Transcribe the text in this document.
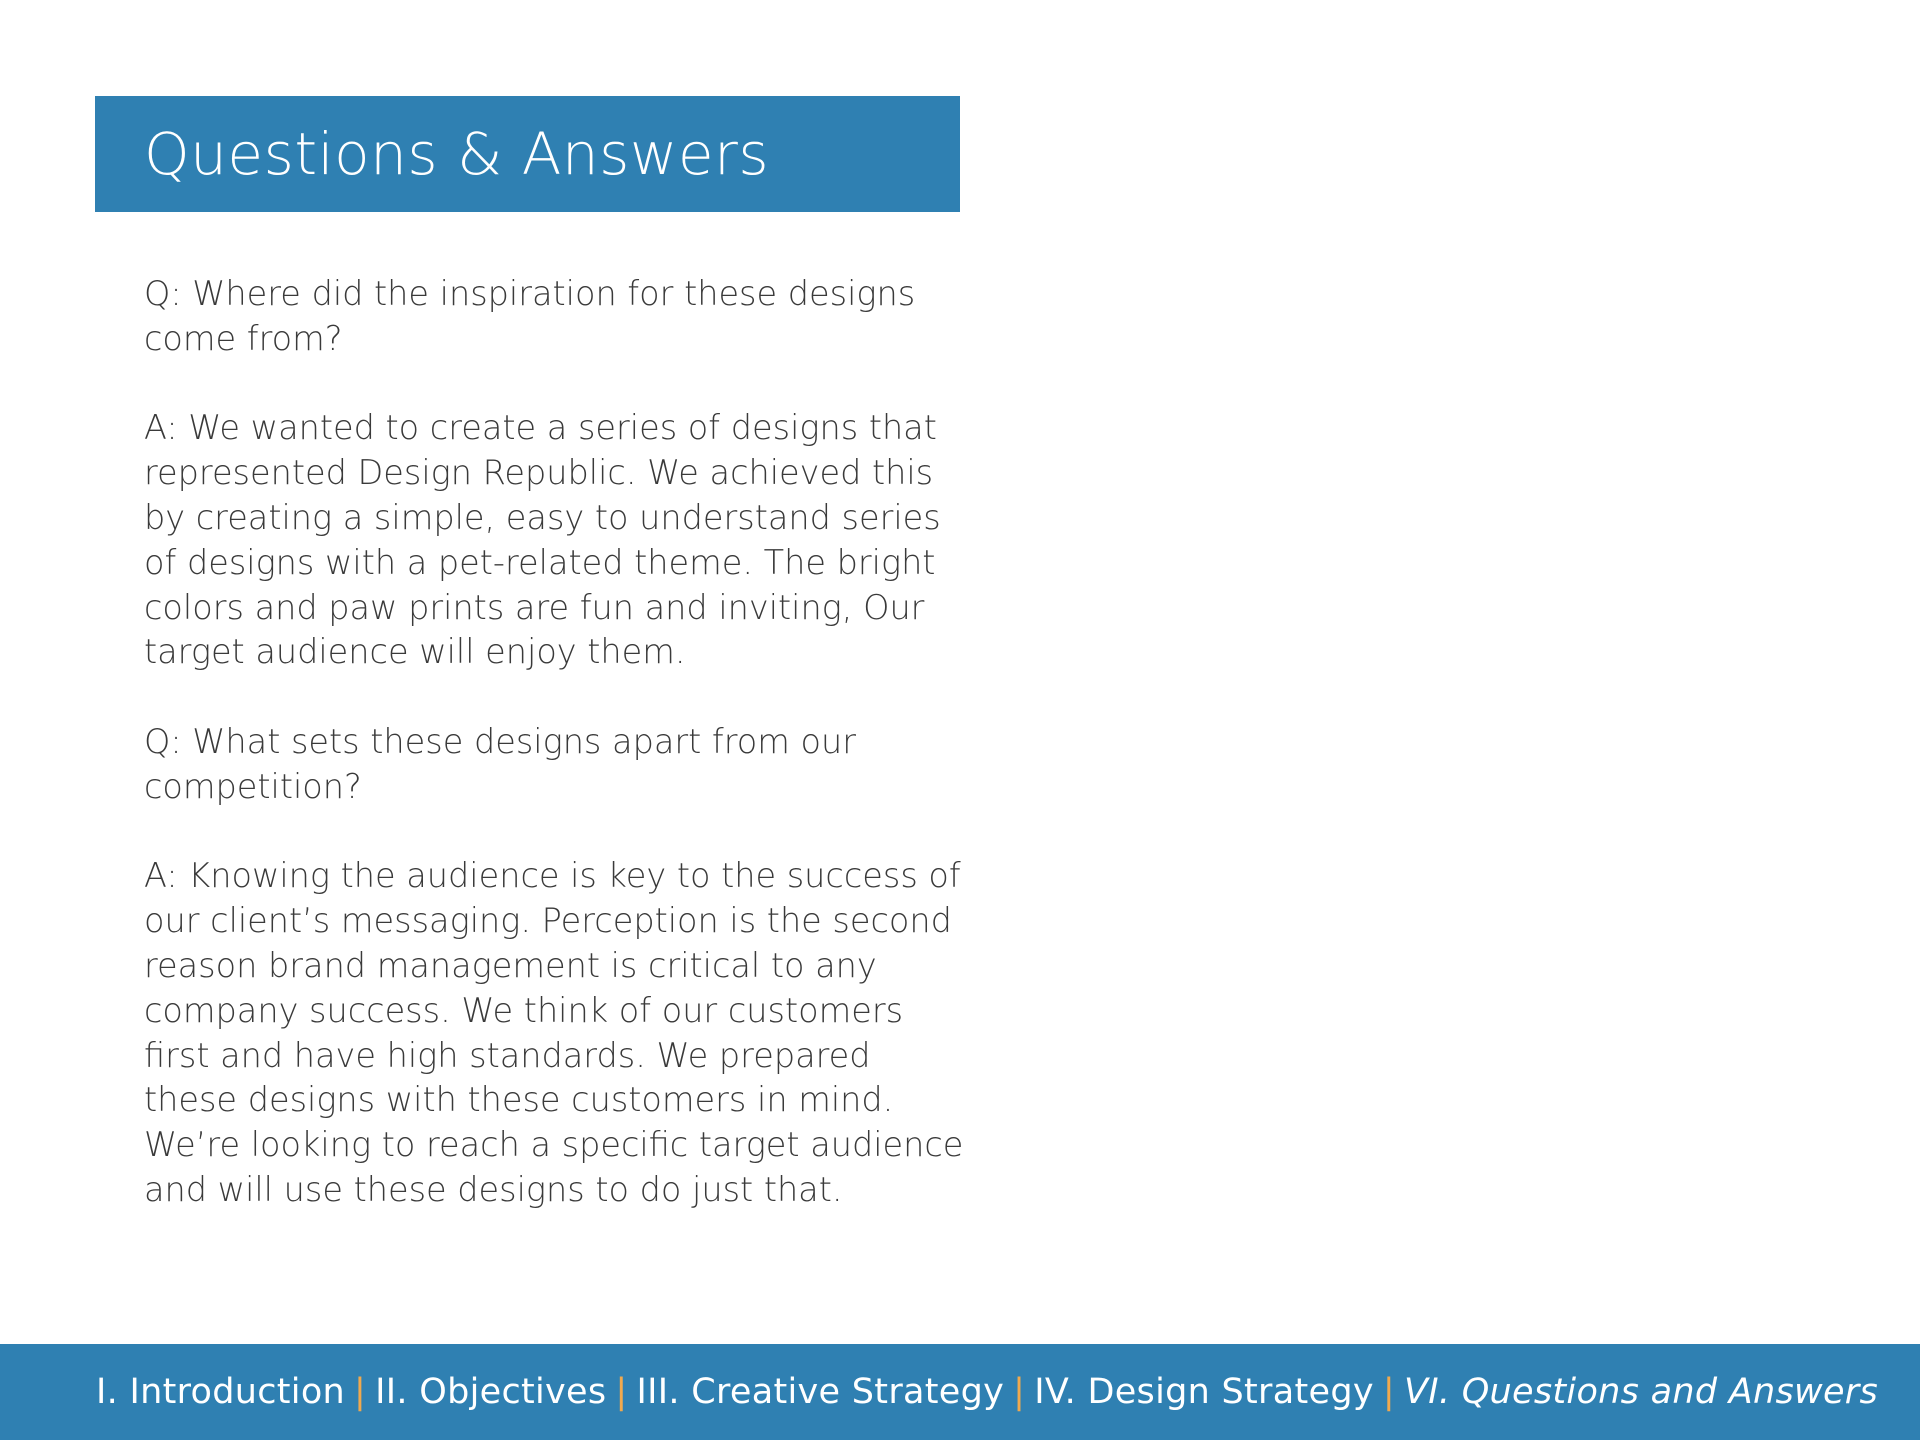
Questions & Answers

Q: Where did the inspiration for these designs come from?

A: We wanted to create a series of designs that represented Design Republic. We achieved this by creating a simple, easy to understand series of designs with a pet-related theme. The bright colors and paw prints are fun and inviting, Our target audience will enjoy them.

Q: What sets these designs apart from our competition?

A: Knowing the audience is key to the success of our client’s messaging. Perception is the second reason brand management is critical to any company success. We think of our customers first and have high standards. We prepared these designs with these customers in mind. We’re looking to reach a specific target audience and will use these designs to do just that.

I. Introduction | II. Objectives | III. Creative Strategy | IV. Design Strategy | VI. Questions and Answers
